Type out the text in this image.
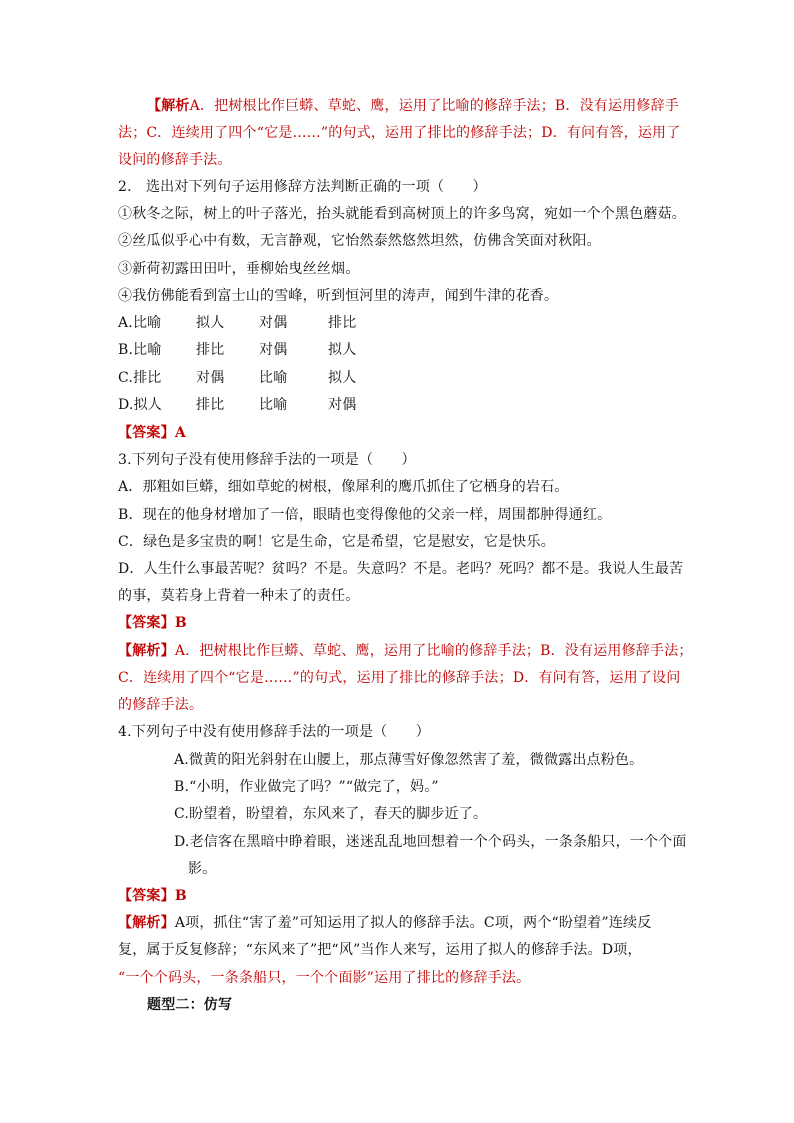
【解析A．把树根比作巨蟒、草蛇、鹰，运用了比喻的修辞手法；B．没有运用修辞手
法；C．连续用了四个“它是……”的句式，运用了排比的修辞手法；D．有问有答，运用了
设问的修辞手法。
2.　选出对下列句子运用修辞方法判断正确的一项（　　）
①秋冬之际，树上的叶子落光，抬头就能看到高树顶上的许多鸟窝，宛如一个个黑色蘑菇。
②丝瓜似乎心中有数，无言静观，它怡然泰然悠然坦然，仿佛含笑面对秋阳。
③新荷初露田田叶，垂柳始曳丝丝烟。
④我仿佛能看到富士山的雪峰，听到恒河里的涛声，闻到牛津的花香。
A.比喻 拟人 对偶	排比
B.比喻 排比 对偶	拟人
C.排比 对偶 比喻	拟人
D.拟人 排比 比喻	对偶
【答案】A
3.下列句子没有使用修辞手法的一项是（　　）
A．那粗如巨蟒，细如草蛇的树根，像犀利的鹰爪抓住了它栖身的岩石。
B．现在的他身材增加了一倍，眼睛也变得像他的父亲一样，周围都肿得通红。
C．绿色是多宝贵的啊！它是生命，它是希望，它是慰安，它是快乐。
D．人生什么事最苦呢？贫吗？不是。失意吗？不是。老吗？死吗？都不是。我说人生最苦
的事，莫若身上背着一种未了的责任。
【答案】B
【解析】A．把树根比作巨蟒、草蛇、鹰，运用了比喻的修辞手法；B．没有运用修辞手法；
C．连续用了四个“它是……”的句式，运用了排比的修辞手法；D．有问有答，运用了设问
的修辞手法。
4.下列句子中没有使用修辞手法的一项是（　　）
A.微黄的阳光斜射在山腰上，那点薄雪好像忽然害了羞，微微露出点粉色。
B.“小明，作业做完了吗？”“做完了，妈。”
C.盼望着，盼望着，东风来了，春天的脚步近了。
D.老信客在黑暗中睁着眼，迷迷乱乱地回想着一个个码头，一条条船只，一个个面
影。
【答案】B
【解析】A项，抓住“害了羞”可知运用了拟人的修辞手法。C项，两个“盼望着”连续反
复，属于反复修辞；“东风来了”把“风”当作人来写，运用了拟人的修辞手法。D项，
“一个个码头，一条条船只，一个个面影”运用了排比的修辞手法。
题型二：仿写
